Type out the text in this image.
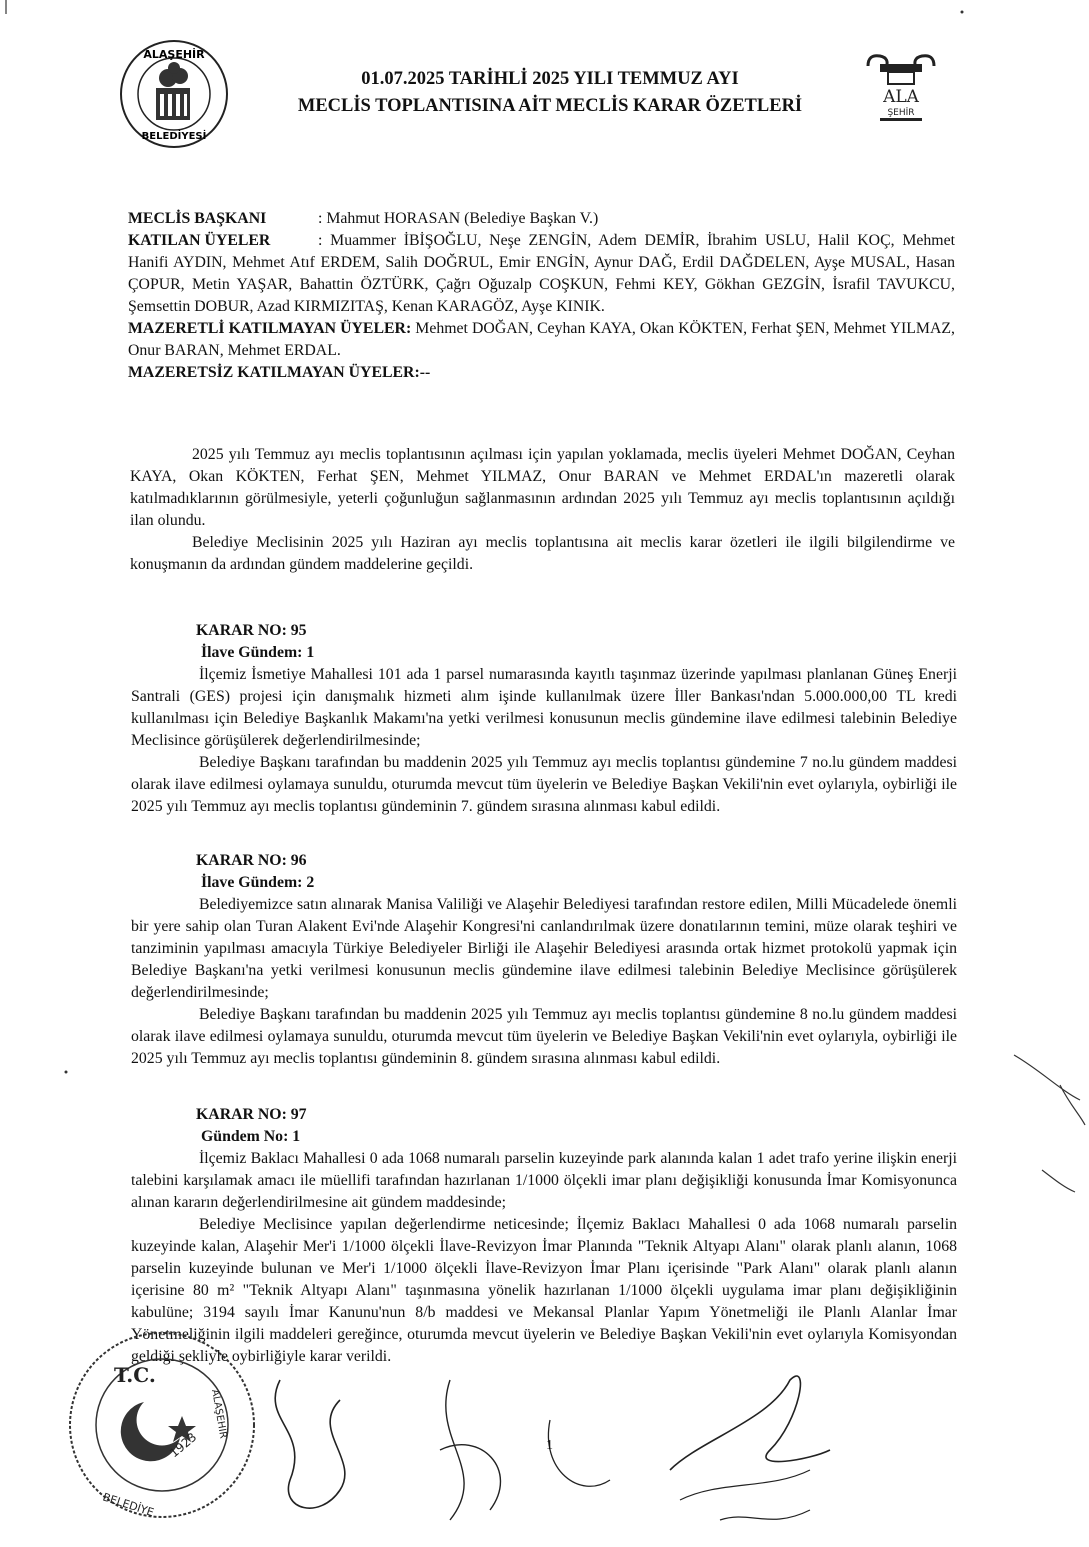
ALAŞEHİR
BELEDİYESİ
01.07.2025 TARİHLİ 2025 YILI TEMMUZ AYI
MECLİS TOPLANTISINA AİT MECLİS KARAR ÖZETLERİ	ALA
ŞEHİR

MECLİS BAŞKANI	: Mahmut HORASAN (Belediye Başkan V.)

KATILAN ÜYELER	: Muammer İBİŞOĞLU, Neşe ZENGİN, Adem DEMİR, İbrahim USLU, Halil KOÇ, Mehmet Hanifi AYDIN, Mehmet Atıf ERDEM, Salih DOĞRUL, Emir ENGİN, Aynur DAĞ, Erdil DAĞDELEN, Ayşe MUSAL, Hasan ÇOPUR, Metin YAŞAR, Bahattin ÖZTÜRK, Çağrı Oğuzalp COŞKUN, Fehmi KEY, Gökhan GEZGİN, İsrafil TAVUKCU, Şemsettin DOBUR, Azad KIRMIZITAŞ, Kenan KARAGÖZ, Ayşe KINIK.

MAZERETLİ KATILMAYAN ÜYELER: Mehmet DOĞAN, Ceyhan KAYA, Okan KÖKTEN, Ferhat ŞEN, Mehmet YILMAZ, Onur BARAN, Mehmet ERDAL.

MAZERETSİZ KATILMAYAN ÜYELER:--

2025 yılı Temmuz ayı meclis toplantısının açılması için yapılan yoklamada, meclis üyeleri Mehmet DOĞAN, Ceyhan KAYA, Okan KÖKTEN, Ferhat ŞEN, Mehmet YILMAZ, Onur BARAN ve Mehmet ERDAL'ın mazeretli olarak katılmadıklarının görülmesiyle, yeterli çoğunluğun sağlanmasının ardından 2025 yılı Temmuz ayı meclis toplantısının açıldığı ilan olundu.

Belediye Meclisinin 2025 yılı Haziran ayı meclis toplantısına ait meclis karar özetleri ile ilgili bilgilendirme ve konuşmanın da ardından gündem maddelerine geçildi.

KARAR NO: 95
İlave Gündem: 1

İlçemiz İsmetiye Mahallesi 101 ada 1 parsel numarasında kayıtlı taşınmaz üzerinde yapılması planlanan Güneş Enerji Santrali (GES) projesi için danışmalık hizmeti alım işinde kullanılmak üzere İller Bankası'ndan 5.000.000,00 TL kredi kullanılması için Belediye Başkanlık Makamı'na yetki verilmesi konusunun meclis gündemine ilave edilmesi talebinin Belediye Meclisince görüşülerek değerlendirilmesinde;

Belediye Başkanı tarafından bu maddenin 2025 yılı Temmuz ayı meclis toplantısı gündemine 7 no.lu gündem maddesi olarak ilave edilmesi oylamaya sunuldu, oturumda mevcut tüm üyelerin ve Belediye Başkan Vekili'nin evet oylarıyla, oybirliği ile 2025 yılı Temmuz ayı meclis toplantısı gündeminin 7. gündem sırasına alınması kabul edildi.

KARAR NO: 96
İlave Gündem: 2

Belediyemizce satın alınarak Manisa Valiliği ve Alaşehir Belediyesi tarafından restore edilen, Milli Mücadelede önemli bir yere sahip olan Turan Alakent Evi'nde Alaşehir Kongresi'ni canlandırılmak üzere donatılarının temini, müze olarak teşhiri ve tanziminin yapılması amacıyla Türkiye Belediyeler Birliği ile Alaşehir Belediyesi arasında ortak hizmet protokolü yapmak için Belediye Başkanı'na yetki verilmesi konusunun meclis gündemine ilave edilmesi talebinin Belediye Meclisince görüşülerek değerlendirilmesinde;

Belediye Başkanı tarafından bu maddenin 2025 yılı Temmuz ayı meclis toplantısı gündemine 8 no.lu gündem maddesi olarak ilave edilmesi oylamaya sunuldu, oturumda mevcut tüm üyelerin ve Belediye Başkan Vekili'nin evet oylarıyla, oybirliği ile 2025 yılı Temmuz ayı meclis toplantısı gündeminin 8. gündem sırasına alınması kabul edildi.

KARAR NO: 97
Gündem No: 1

İlçemiz Baklacı Mahallesi 0 ada 1068 numaralı parselin kuzeyinde park alanında kalan 1 adet trafo yerine ilişkin enerji talebini karşılamak amacı ile müellifi tarafından hazırlanan 1/1000 ölçekli imar planı değişikliği konusunda İmar Komisyonunca alınan kararın değerlendirilmesine ait gündem maddesinde;

Belediye Meclisince yapılan değerlendirme neticesinde; İlçemiz Baklacı Mahallesi 0 ada 1068 numaralı parselin kuzeyinde kalan, Alaşehir Mer'i 1/1000 ölçekli İlave-Revizyon İmar Planında "Teknik Altyapı Alanı" olarak planlı alanın, 1068 parselin kuzeyinde bulunan ve Mer'i 1/1000 ölçekli İlave-Revizyon İmar Planı içerisinde "Park Alanı" olarak planlı alanın içerisine 80 m² "Teknik Altyapı Alanı" taşınmasına yönelik hazırlanan 1/1000 ölçekli uygulama imar planı değişikliğinin kabulüne; 3194 sayılı İmar Kanunu'nun 8/b maddesi ve Mekansal Planlar Yapım Yönetmeliği ile Planlı Alanlar İmar Yönetmeliğinin ilgili maddeleri gereğince, oturumda mevcut üyelerin ve Belediye Başkan Vekili'nin evet oylarıyla Komisyondan geldiği şekliyle oybirliğiyle karar verildi.

T.C.
1923
BELEDİYE
ALAŞEHİR
1
